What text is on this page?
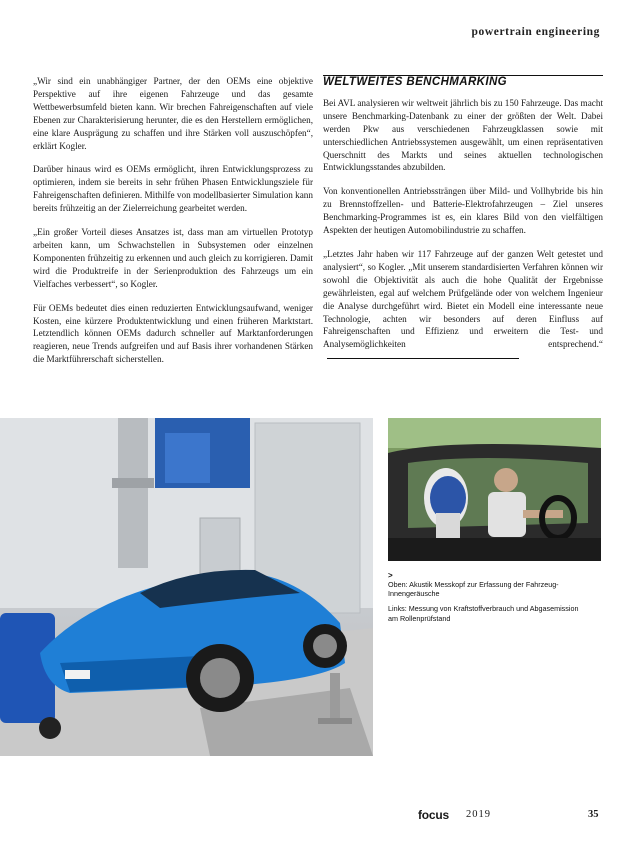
powertrain engineering

„Wir sind ein unabhängiger Partner, der den OEMs eine objektive Perspektive auf ihre eigenen Fahrzeuge und das gesamte Wettbewerbsumfeld bieten kann. Wir brechen Fahreigenschaften auf viele Ebenen zur Charakterisierung herunter, die es den Herstellern ermöglichen, eine klare Ausprägung zu schaffen und ihre Stärken voll auszuschöpfen“, erklärt Kogler.

Darüber hinaus wird es OEMs ermöglicht, ihren Entwicklungsprozess zu optimieren, indem sie bereits in sehr frühen Phasen Entwicklungsziele für Fahreigenschaften definieren. Mithilfe von modellbasierter Simulation kann bereits frühzeitig an der Zielerreichung gearbeitet werden.

„Ein großer Vorteil dieses Ansatzes ist, dass man am virtuellen Prototyp arbeiten kann, um Schwachstellen in Subsystemen oder einzelnen Komponenten frühzeitig zu erkennen und auch gleich zu korrigieren. Damit wird die Produktreife in der Serienproduktion des Fahrzeugs um ein Vielfaches verbessert“, so Kogler.

Für OEMs bedeutet dies einen reduzierten Entwicklungsaufwand, weniger Kosten, eine kürzere Produktentwicklung und einen früheren Marktstart. Letztendlich können OEMs dadurch schneller auf Marktanforderungen reagieren, neue Trends aufgreifen und auf Basis ihrer vorhandenen Stärken die Marktführerschaft sicherstellen.

WELTWEITES BENCHMARKING

Bei AVL analysieren wir weltweit jährlich bis zu 150 Fahrzeuge. Das macht unsere Benchmarking-Datenbank zu einer der größten der Welt. Dabei werden Pkw aus verschiedenen Fahrzeugklassen sowie mit unterschiedlichen Antriebssystemen ausgewählt, um einen repräsentativen Querschnitt des Markts und seines aktuellen technologischen Entwicklungsstandes abzubilden.

Von konventionellen Antriebssträngen über Mild- und Vollhybride bis hin zu Brennstoffzellen- und Batterie-Elektrofahrzeugen – Ziel unseres Benchmarking-Programmes ist es, ein klares Bild von den vielfältigen Aspekten der heutigen Automobilindustrie zu schaffen.

„Letztes Jahr haben wir 117 Fahrzeuge auf der ganzen Welt getestet und analysiert“, so Kogler. „Mit unserem standardisierten Verfahren können wir sowohl die Objektivität als auch die hohe Qualität der Ergebnisse gewährleisten, egal auf welchem Prüfgelände oder von welchem Ingenieur die Analyse durchgeführt wird. Bietet ein Modell eine interessante neue Technologie, achten wir besonders auf deren Einfluss auf Fahreigenschaften und Effizienz und erweitern die Test- und Analysemöglichkeiten entsprechend.“

>

Oben: Akustik Messkopf zur Erfassung der Fahrzeug-Innengeräusche

Links: Messung von Kraftstoffverbrauch und Abgasemission am Rollenprüfstand

focus 2019	35
